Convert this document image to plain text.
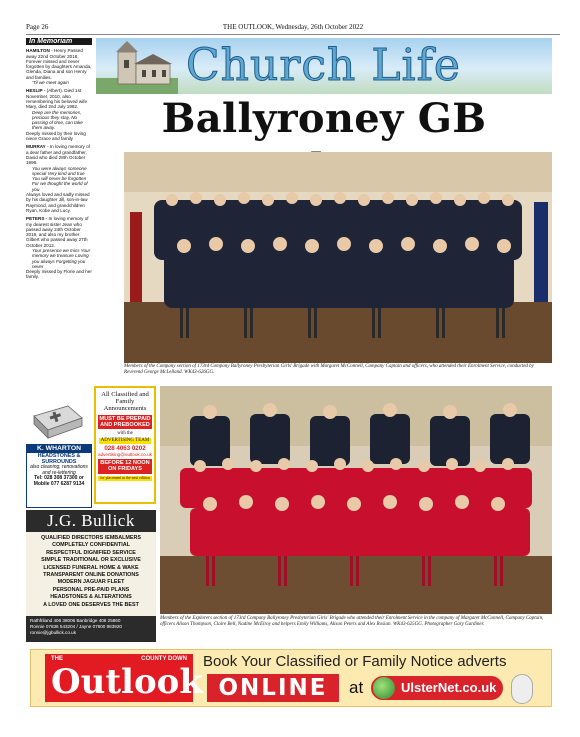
Page 26	THE OUTLOOK, Wednesday, 26th October 2022
In Memoriam
HAMILTON - Henry Passed away 22nd October 2016. Forever missed and never forgotten by daughters Amanda, Glenda, Diana and son Henry and families.
'Til we meet again
HESLIP - (Albert). Died 1st November, 2010, also remembering his beloved wife Mary, died 2nd July 1962.
Deep are the memories, precious they stay, No passing of time, can take them away.
Deeply missed by their loving niece Grace and family
MURRAY - In loving memory of a dear father and grandfather, David who died 28th October 1996.
You were always someone special Very kind and true You will never be forgotten For we thought the world of you
Always loved and sadly missed by his daughter Jill, son-in-law Raymond, and grandchildren Ryan, Kobe and Lucy.
PETERS - In loving memory of my dearest sister Jean who passed away 24th October 2016, and also my brother Gilbert who passed away 27th October 2012.
Your presence we miss Your memory we treasure Loving you always Forgetting you never
Deeply missed by Florie and her family.
K. WHARTON
HEADSTONES & SURROUNDS
also cleaning, renovations and re-lettering
Tel: 028 308 37300 or Mobile 077 6287 9134
All Classified and Family Announcements
MUST BE PREPAID AND PREBOOKED
with the
ADVERTISING TEAM
028 4063 0202
advertising@outlook.co.uk
BEFORE 12 NOON ON FRIDAYS
for placement in the next edition
J.G. Bullick
QUALIFIED DIRECTORS /EMBALMERS
COMPLETELY CONFIDENTIAL
RESPECTFUL DIGNIFIED SERVICE
SIMPLE TRADITIONAL OR EXCLUSIVE
LICENSED FUNERAL HOME & WAKE
TRANSPARENT ONLINE DONATIONS
MODERN JAGUAR FLEET
PERSONAL PRE-PAID PLANS
HEADSTONES & ALTERATIONS
A LOVED ONE DESERVES THE BEST
Rathfriland 406 38006 Banbridge 406 25860
Ronnie 07836 543204 / Jayne 07800 983920
ronnie@jgbullick.co.uk
Church Life
Ballyroney GB
Members of the Company section of 173rd Company Ballyroney Presbyterian Girls' Brigade with Margaret McConnell, Company Captain and officers, who attended their Enrolment Service, conducted by Reverend George McLelland. WK43-626GG.
Members of the Explorers section of 173rd Company Ballyroney Presbyterian Girls' Brigade who attended their Enrolment Service in the company of Margaret McConnell, Company Captain, officers Alison Thompson, Claire Bell, Nadine McElroy and helpers Emily Williams, Alison Peters and Alex Rosian. WK43-625GG. Photographer Gary Gardiner.
THE	COUNTY DOWN
Outlook
Book Your Classified or Family Notice adverts
ONLINE	at	UlsterNet.co.uk
